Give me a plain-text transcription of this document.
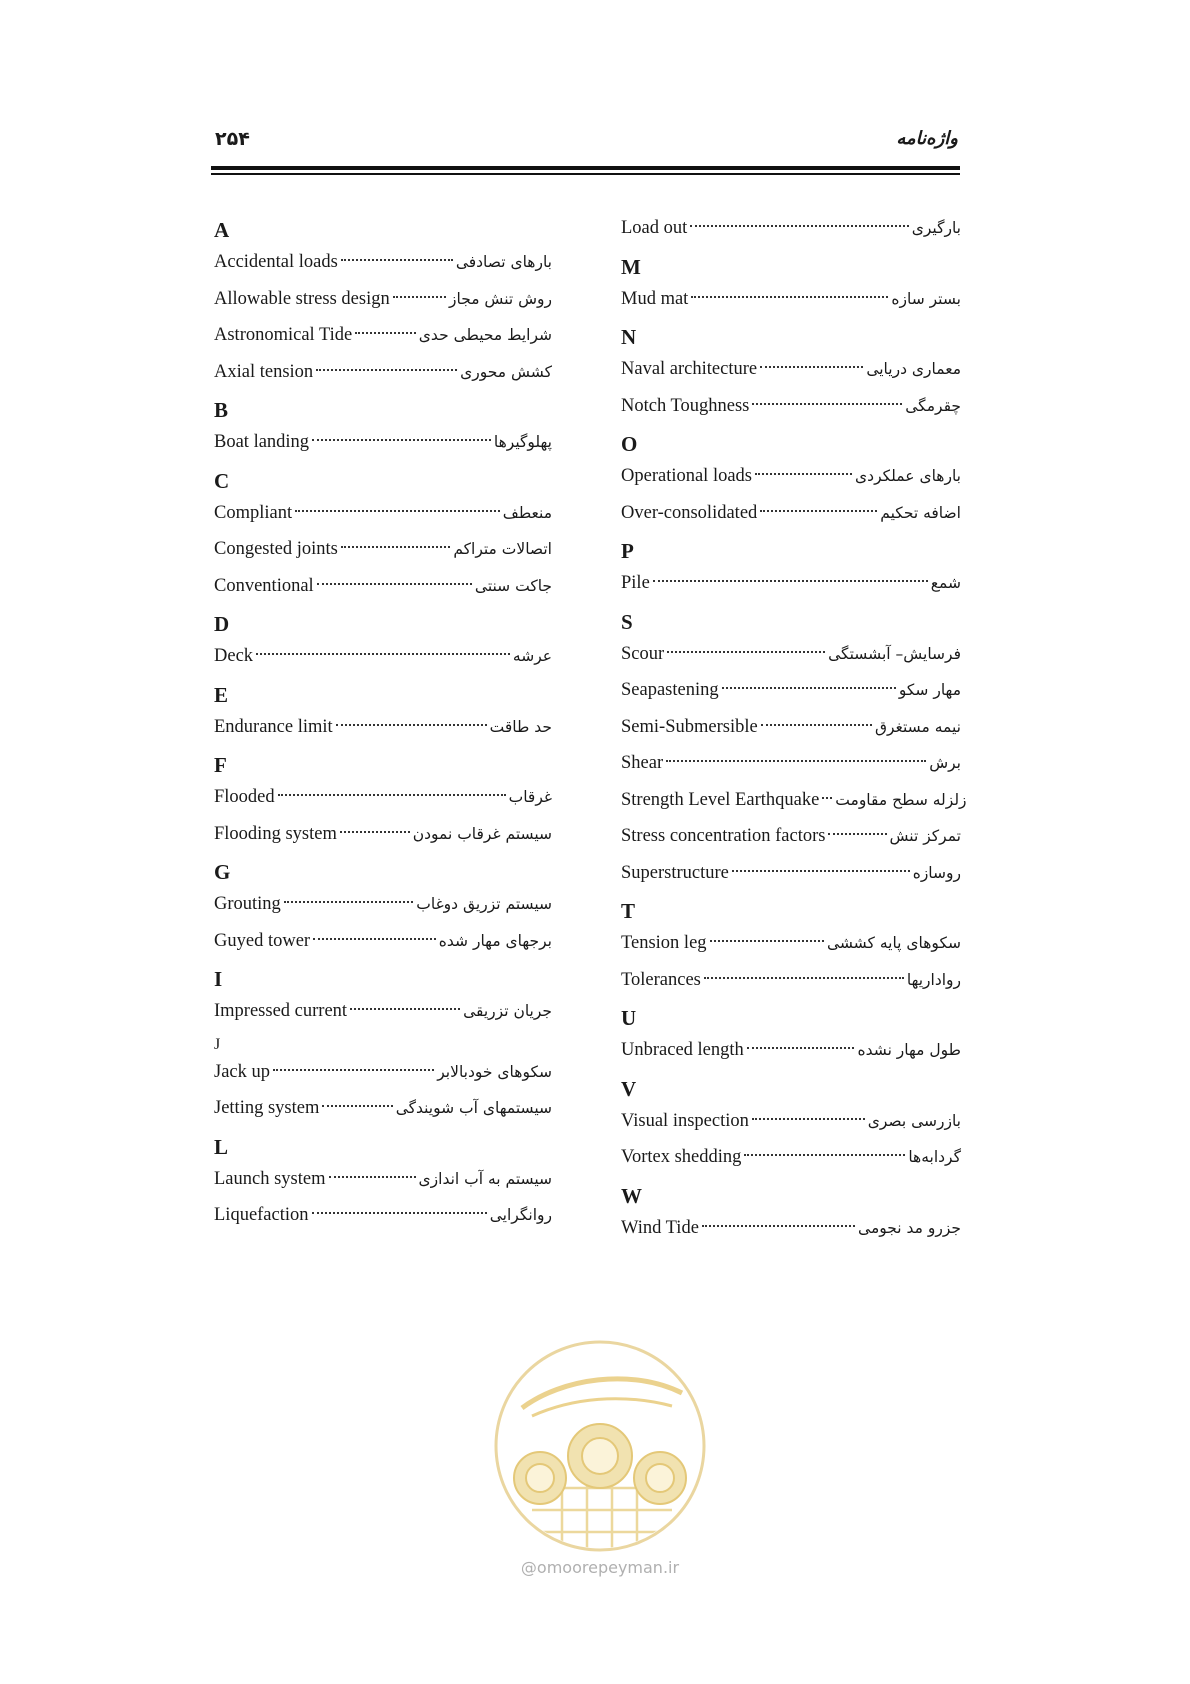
۲۵۴	واژه‌نامه
A
Accidental loads	بارهای تصادفی
Allowable stress design	روش تنش مجاز
Astronomical Tide	شرایط محیطی حدی
Axial tension	کشش محوری
B
Boat landing	پهلوگیرها
C
Compliant	منعطف
Congested joints	اتصالات متراکم
Conventional	جاکت سنتی
D
Deck	عرشه
E
Endurance limit	حد طاقت
F
Flooded	غرقاب
Flooding system	سیستم غرقاب نمودن
G
Grouting	سیستم تزریق دوغاب
Guyed tower	برجهای مهار شده
I
Impressed current	جریان تزریقی
J
Jack up	سکوهای خودبالابر
Jetting system	سیستمهای آب شویندگی
L
Launch system	سیستم به آب اندازی
Liquefaction	روانگرایی
Load out	بارگیری
M
Mud mat	بستر سازه
N
Naval architecture	معماری دریایی
Notch Toughness	چقرمگی
O
Operational loads	بارهای عملکردی
Over-consolidated	اضافه تحکیم
P
Pile	شمع
S
Scour	فرسایش– آبشستگی
Seapastening	مهار سکو
Semi-Submersible	نیمه مستغرق
Shear	برش
Strength Level Earthquake زلزله سطح مقاومت
Stress concentration factors	تمرکز تنش
Superstructure	روسازه
T
Tension leg	سکوهای پایه کششی
Tolerances	رواداریها
U
Unbraced length	طول مهار نشده
V
Visual inspection	بازرسی بصری
Vortex shedding	گردابه‌ها
W
Wind Tide	جزرو مد نجومی
@omoorepeyman.ir
